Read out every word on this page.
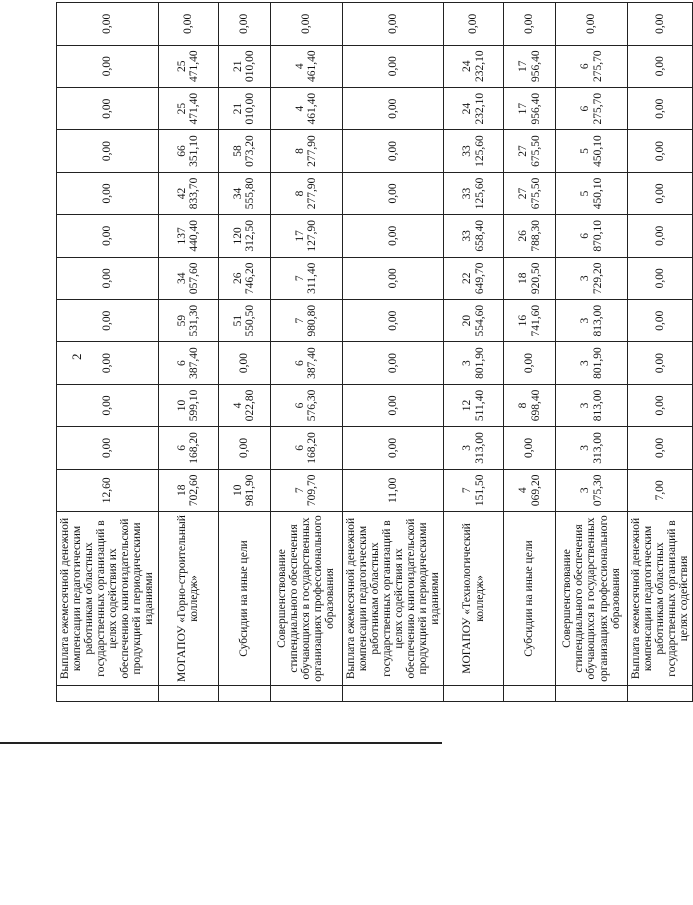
2
	Выплата ежемесячной денежной компенсации педагогическим работникам областных государственных организаций в целях содействия их обеспечению книгоиздательской продукцией и периодическими изданиями	12,60	0,00	0,00	0,00	0,00	0,00	0,00	0,00	0,00	0,00	0,00	0,00
	МОГАПОУ «Горно-строительный колледж»	18 702,60	6 168,20	10 599,10	6 387,40	59 531,30	34 057,60	137 440,40	42 833,70	66 351,10	25 471,40	25 471,40	0,00
	Субсидии на иные цели	10 981,90	0,00	4 022,80	0,00	51 550,50	26 746,20	120 312,50	34 555,80	58 073,20	21 010,00	21 010,00	0,00
	Совершенствование стипендиального обеспечения обучающихся в государственных организациях профессионального образования	7 709,70	6 168,20	6 576,30	6 387,40	7 980,80	7 311,40	17 127,90	8 277,90	8 277,90	4 461,40	4 461,40	0,00
	Выплата ежемесячной денежной компенсации педагогическим работникам областных государственных организаций в целях содействия их обеспечению книгоиздательской продукцией и периодическими изданиями	11,00	0,00	0,00	0,00	0,00	0,00	0,00	0,00	0,00	0,00	0,00	0,00
	МОГАПОУ «Технологический колледж»	7 151,50	3 313,00	12 511,40	3 801,90	20 554,60	22 649,70	33 658,40	33 125,60	33 125,60	24 232,10	24 232,10	0,00
	Субсидии на иные цели	4 069,20	0,00	8 698,40	0,00	16 741,60	18 920,50	26 788,30	27 675,50	27 675,50	17 956,40	17 956,40	0,00
	Совершенствование стипендиального обеспечения обучающихся в государственных организациях профессионального образования	3 075,30	3 313,00	3 813,00	3 801,90	3 813,00	3 729,20	6 870,10	5 450,10	5 450,10	6 275,70	6 275,70	0,00
	Выплата ежемесячной денежной компенсации педагогическим работникам областных государственных организаций в целях содействия	7,00	0,00	0,00	0,00	0,00	0,00	0,00	0,00	0,00	0,00	0,00	0,00
